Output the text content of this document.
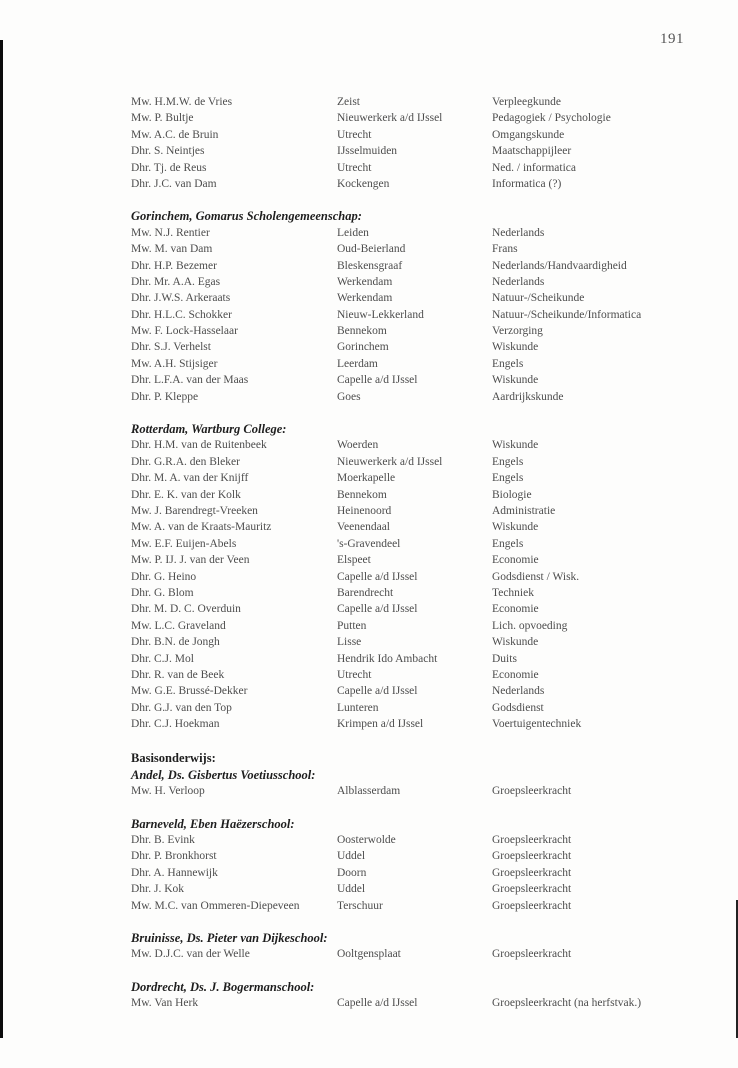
191
Mw. H.M.W. de Vries	Zeist	Verpleegkunde
Mw. P. Bultje	Nieuwerkerk a/d IJssel	Pedagogiek / Psychologie
Mw. A.C. de Bruin	Utrecht	Omgangskunde
Dhr. S. Neintjes	IJsselmuiden	Maatschappijleer
Dhr. Tj. de Reus	Utrecht	Ned. / informatica
Dhr. J.C. van Dam	Kockengen	Informatica (?)
Gorinchem, Gomarus Scholengemeenschap:
Mw. N.J. Rentier	Leiden	Nederlands
Mw. M. van Dam	Oud-Beierland	Frans
Dhr. H.P. Bezemer	Bleskensgraaf	Nederlands/Handvaardigheid
Dhr. Mr. A.A. Egas	Werkendam	Nederlands
Dhr. J.W.S. Arkeraats	Werkendam	Natuur-/Scheikunde
Dhr. H.L.C. Schokker	Nieuw-Lekkerland	Natuur-/Scheikunde/Informatica
Mw. F. Lock-Hasselaar	Bennekom	Verzorging
Dhr. S.J. Verhelst	Gorinchem	Wiskunde
Mw. A.H. Stijsiger	Leerdam	Engels
Dhr. L.F.A. van der Maas	Capelle a/d IJssel	Wiskunde
Dhr. P. Kleppe	Goes	Aardrijkskunde
Rotterdam, Wartburg College:
Dhr. H.M. van de Ruitenbeek	Woerden	Wiskunde
Dhr. G.R.A. den Bleker	Nieuwerkerk a/d IJssel	Engels
Dhr. M. A. van der Knijff	Moerkapelle	Engels
Dhr. E. K. van der Kolk	Bennekom	Biologie
Mw. J. Barendregt-Vreeken	Heinenoord	Administratie
Mw. A. van de Kraats-Mauritz	Veenendaal	Wiskunde
Mw. E.F. Euijen-Abels	's-Gravendeel	Engels
Mw. P. IJ. J. van der Veen	Elspeet	Economie
Dhr. G. Heino	Capelle a/d IJssel	Godsdienst / Wisk.
Dhr. G. Blom	Barendrecht	Techniek
Dhr. M. D. C. Overduin	Capelle a/d IJssel	Economie
Mw. L.C. Graveland	Putten	Lich. opvoeding
Dhr. B.N. de Jongh	Lisse	Wiskunde
Dhr. C.J. Mol	Hendrik Ido Ambacht	Duits
Dhr. R. van de Beek	Utrecht	Economie
Mw. G.E. Brussé-Dekker	Capelle a/d IJssel	Nederlands
Dhr. G.J. van den Top	Lunteren	Godsdienst
Dhr. C.J. Hoekman	Krimpen a/d IJssel	Voertuigentechniek
Basisonderwijs:
Andel, Ds. Gisbertus Voetiusschool:
Mw. H. Verloop	Alblasserdam	Groepsleerkracht
Barneveld, Eben Haëzerschool:
Dhr. B. Evink	Oosterwolde	Groepsleerkracht
Dhr. P. Bronkhorst	Uddel	Groepsleerkracht
Dhr. A. Hannewijk	Doorn	Groepsleerkracht
Dhr. J. Kok	Uddel	Groepsleerkracht
Mw. M.C. van Ommeren-Diepeveen	Terschuur	Groepsleerkracht
Bruinisse, Ds. Pieter van Dijkeschool:
Mw. D.J.C. van der Welle	Ooltgensplaat	Groepsleerkracht
Dordrecht, Ds. J. Bogermanschool:
Mw. Van Herk	Capelle a/d IJssel	Groepsleerkracht (na herfstvak.)
